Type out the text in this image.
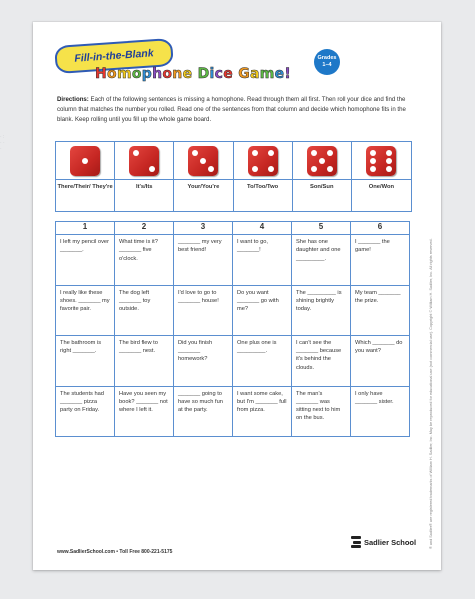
· :
· ·
·
Fill-in-the-Blank
Homophone Dice Game!
Grades
1–4
Directions: Each of the following sentences is missing a homophone. Read through them all first. Then roll your dice and find the column that matches the number you rolled. Read one of the sentences from that column and decide which homophone fits in the blank. Keep rolling until you fill up the whole game board.
There/Their/ They're	It's/Its	Your/You're	To/Too/Two	Son/Sun	One/Won
1	2	3	4	5	6
I left my pencil over _______.	What time is it? _______ five o'clock.	_______ my very best friend!	I want to go, _______!	She has one daughter and one _________.	I _______ the game!
I really like these shoes. _______ my favorite pair.	The dog left _______ toy outside.	I'd love to go to _______ house!	Do you want _______ go with me?	The _________ is shining brightly today.	My team _______ the prize.
The bathroom is right _______.	The bird flew to _______ nest.	Did you finish _______ homework?	One plus one is _________.	I can't see the _______ because it's behind the clouds.	Which _______ do you want?
The students had _______ pizza party on Friday.	Have you seen my book? _______ not where I left it.	_______ going to have so much fun at the party.	I want some cake, but I'm _______ full from pizza.	The man's _______ was sitting next to him on the bus.	I only have _______ sister.	® and Sadlier® are registered trademarks of William H. Sadlier, Inc. May be reproduced for educational use (not commercial use). Copyright © William H. Sadlier, Inc. All rights reserved.
www.SadlierSchool.com • Toll Free 800-221-5175
Sadlier School
